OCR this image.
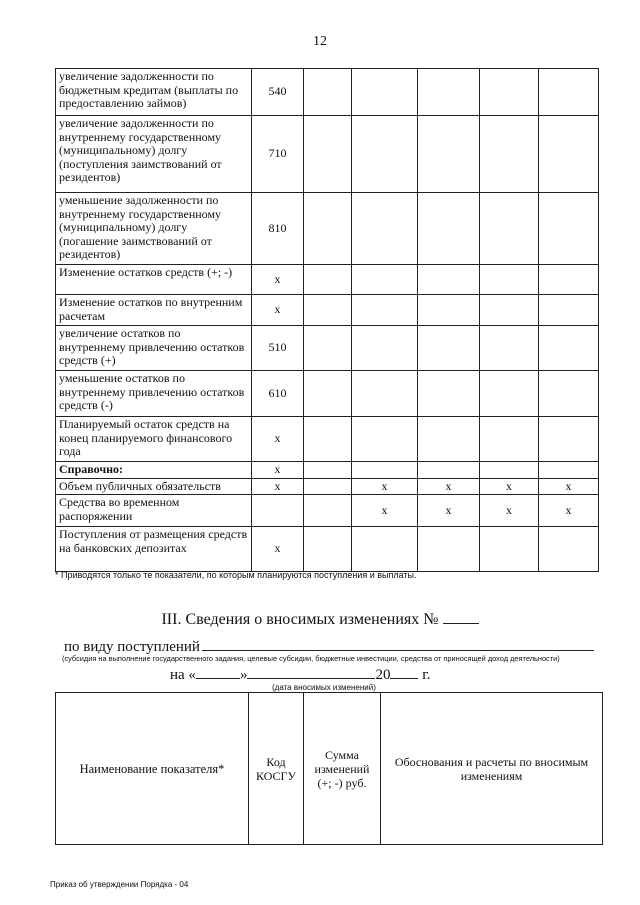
12
увеличение задолженности по бюджетным кредитам (выплаты по предоставлению займов)	540					
увеличение задолженности по внутреннему государственному (муниципальному) долгу (поступления заимствований от резидентов)	710					
уменьшение задолженности по внутреннему государственному (муниципальному) долгу (погашение заимствований от резидентов)	810					
Изменение остатков средств (+; -)	x					
Изменение остатков по внутренним расчетам	x					
увеличение остатков по внутреннему привлечению остатков средств (+)	510					
уменьшение остатков по внутреннему привлечению остатков средств (-)	610					
Планируемый остаток средств на конец планируемого финансового года	x					
Справочно:	x					
Объем публичных обязательств	x		x	x	x	x
Средства во временном распоряжении			x	x	x	x
Поступления от размещения средств на банковских депозитах	x					
* Приводятся только те показатели, по которым планируются поступления и выплаты.
III. Сведения о вносимых изменениях №
по виду поступлений
(субсидия на выполнение государственного задания, целевые субсидии, бюджетные инвестиции, средства от приносящей доход деятельности)
на «	»	20 г.
(дата вносимых изменений)
Наименование показателя*	Код КОСГУ	Сумма изменений (+; -) руб.	Обоснования и расчеты по вносимым изменениям
Приказ об утверждении Порядка - 04
